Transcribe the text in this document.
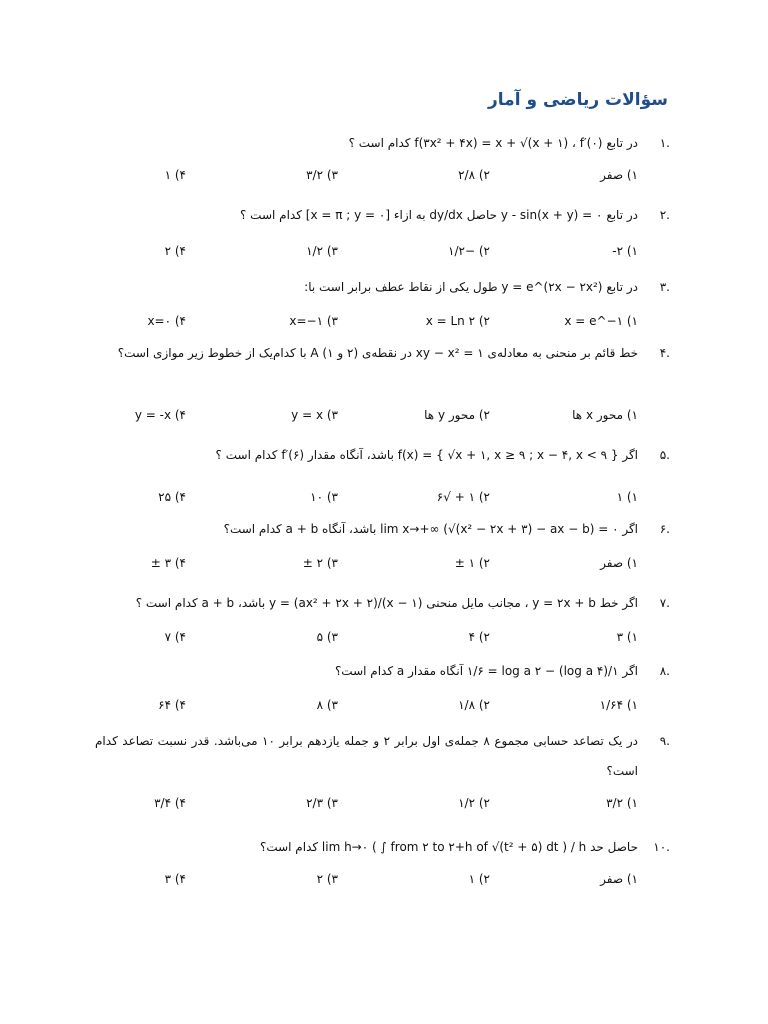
سؤالات رياضی و آمار
.۱
در تابع f(۳x² + ۴x) = x + √(x + ۱) ، f′(۰) کدام است ؟
۱) صفر
۲) ۲/۸
۳) ۳/۲
۴) ۱
.۲
در تابع y - sin(x + y) = ۰ حاصل dy/dx به ازاء [x = π ; y = ۰] کدام است ؟
۱) ۲-
۲) −۱/۲
۳) ۱/۲
۴) ۲
.۳
در تابع y = e^(۲x − ۲x²) طول یکی از نقاط عطف برابر است با:
۱) x = e^−۱
۲) x = Ln ۲
۳) x=−۱
۴) x=۰
.۴
خط قائم بر منحنی به معادله‌ی xy − x² = ۱ در نقطه‌ی (۲ و ۱) A با کدام‌یک از خطوط زیر موازی است؟
۱) محور x ها
۲) محور y ها
۳) y = x
۴) y = -x
.۵
اگر f(x) = { √x + ۱, x ≥ ۹ ; x − ۴, x < ۹ } باشد، آنگاه مقدار f′(۶) کدام است ؟
۱) ۱
۲) ۱ + √۶
۳) ۱۰
۴) ۲۵
.۶
اگر lim x→+∞ (√(x² − ۲x + ۳) − ax − b) = ۰ باشد، آنگاه a + b کدام است؟
۱) صفر
۲) ۱ ±
۳) ۲ ±
۴) ۳ ±
.۷
اگر خط y = ۲x + b ، مجانب مایل منحنی y = (ax² + ۲x + ۲)/(x − ۱) باشد، a + b کدام است ؟
۱) ۳
۲) ۴
۳) ۵
۴) ۷
.۸
اگر ۱/(log a ۴) − ۱/۶ = log a ۲ آنگاه مقدار a کدام است؟
۱) ۱/۶۴
۲) ۱/۸
۳) ۸
۴) ۶۴
.۹
در یک تصاعد حسابی مجموع ۸ جمله‌ی اول برابر ۲ و جمله یازدهم برابر ۱۰ می‌باشد. قدر نسبت تصاعد کدام است؟
۱) ۳/۲
۲) ۱/۲
۳) ۲/۳
۴) ۳/۴
.۱۰
حاصل حد lim h→۰ ( ∫ from ۲ to ۲+h of √(t² + ۵) dt ) / h کدام است؟
۱) صفر
۲) ۱
۳) ۲
۴) ۳
